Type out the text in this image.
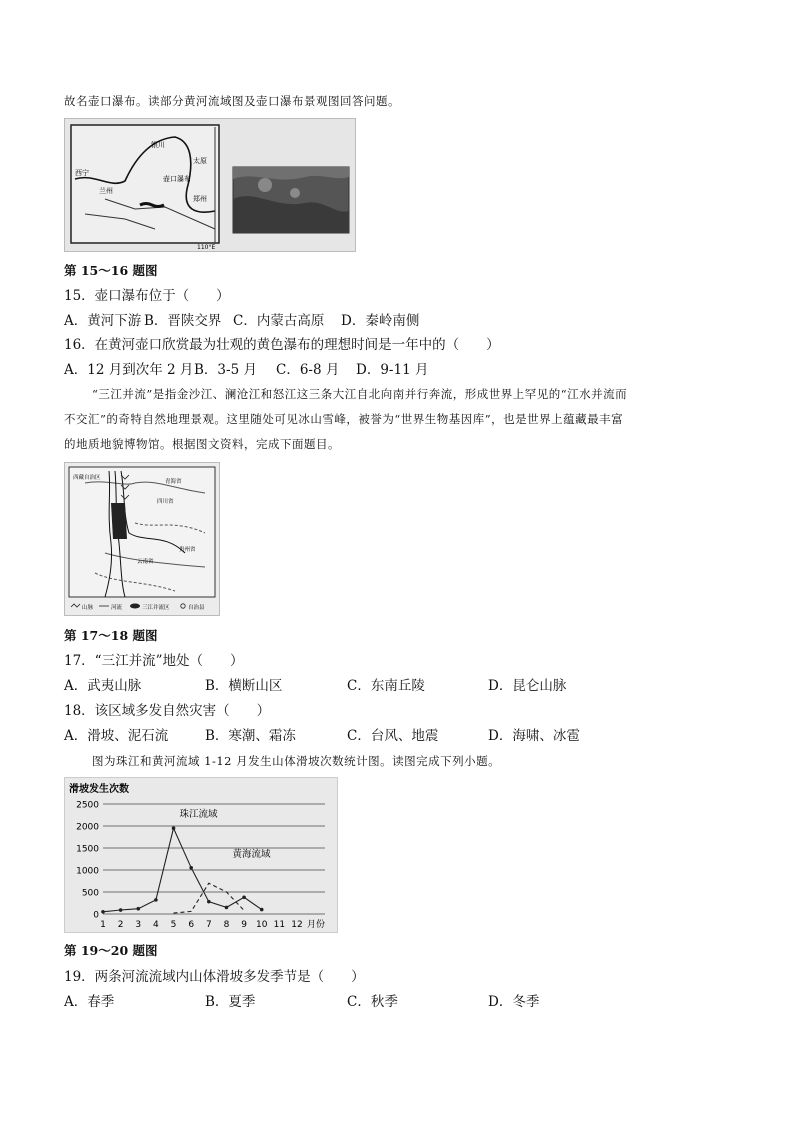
故名壶口瀑布。读部分黄河流域图及壶口瀑布景观图回答问题。
西宁
兰州
银川
太原
壶口瀑布
郑州
110°E
第 15～16 题图
15．壶口瀑布位于（　　）
A．黄河下游 B．晋陕交界 C．内蒙古高原 D．秦岭南侧
16．在黄河壶口欣赏最为壮观的黄色瀑布的理想时间是一年中的（　　）
A．12 月到次年 2 月 B．3-5 月 C．6-8 月 D．9-11 月
“三江并流”是指金沙江、澜沧江和怒江这三条大江自北向南并行奔流，形成世界上罕见的“江水并流而
不交汇”的奇特自然地理景观。这里随处可见冰山雪峰，被誉为“世界生物基因库”，也是世界上蕴藏最丰富
的地质地貌博物馆。根据图文资料，完成下面题目。
西藏自治区
四川省
青海省
云南省
贵州省
山脉	河流	三江并流区	自治县
第 17～18 题图
17．“三江并流”地处（　　）
A．武夷山脉	B．横断山区	C．东南丘陵	D．昆仑山脉
18．该区域多发自然灾害（　　）
A．滑坡、泥石流	B．寒潮、霜冻	C．台风、地震	D．海啸、冰雹
图为珠江和黄河流域 1-12 月发生山体滑坡次数统计图。读图完成下列小题。
滑坡发生次数
0
500
1000
1500
2000
2500
1 2 3 4 5 6 7 8 9 10 11 12 月份
珠江流域
黄海流域
第 19～20 题图
19．两条河流流域内山体滑坡多发季节是（　　）
A．春季	B．夏季	C．秋季	D．冬季
